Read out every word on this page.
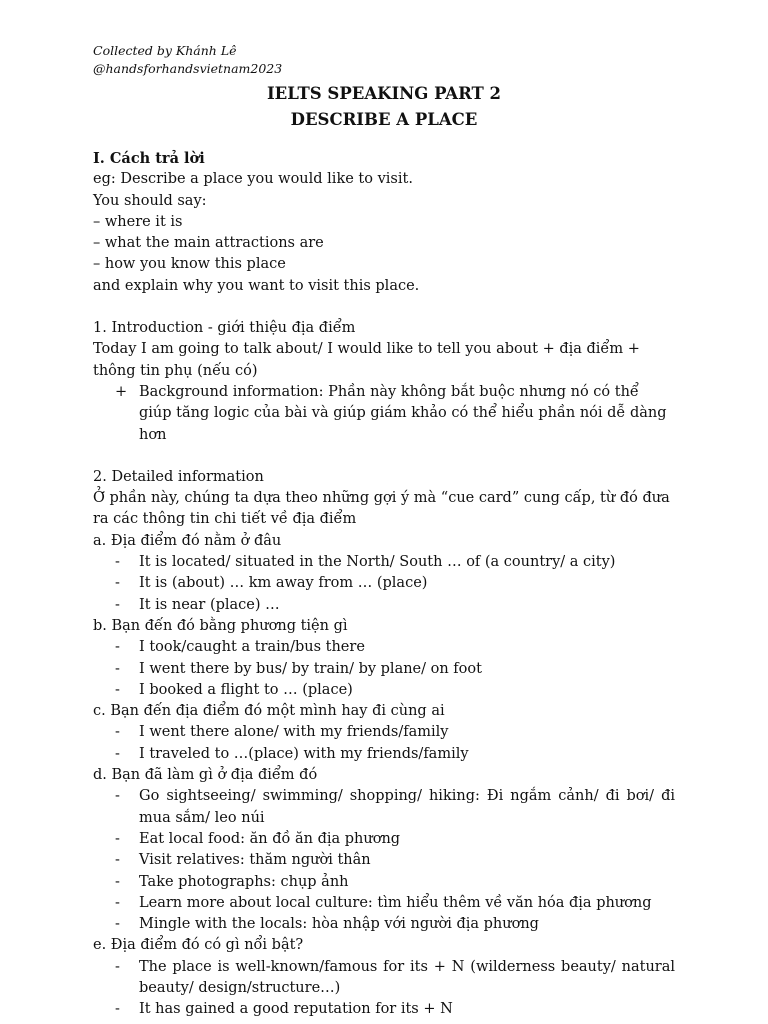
Collected by Khánh Lê
@handsforhandsvietnam2023
IELTS SPEAKING PART 2
DESCRIBE A PLACE
I. Cách trả lời
eg: Describe a place you would like to visit.
You should say:
– where it is
– what the main attractions are
– how you know this place
and explain why you want to visit this place.
1. Introduction - giới thiệu địa điểm
Today I am going to talk about/ I would like to tell you about + địa điểm + thông tin phụ (nếu có)
+ Background information: Phần này không bắt buộc nhưng nó có thể giúp tăng logic của bài và giúp giám khảo có thể hiểu phần nói dễ dàng hơn
2. Detailed information
Ở phần này, chúng ta dựa theo những gợi ý mà “cue card” cung cấp, từ đó đưa ra các thông tin chi tiết về địa điểm
a. Địa điểm đó nằm ở đâu
- It is located/ situated in the North/ South … of (a country/ a city)
- It is (about) … km away from … (place)
- It is near (place) …
b. Bạn đến đó bằng phương tiện gì
- I took/caught a train/bus there
- I went there by bus/ by train/ by plane/ on foot
- I booked a flight to … (place)
c. Bạn đến địa điểm đó một mình hay đi cùng ai
- I went there alone/ with my friends/family
- I traveled to …(place) with my friends/family
d. Bạn đã làm gì ở địa điểm đó
- Go sightseeing/ swimming/ shopping/ hiking: Đi ngắm cảnh/ đi bơi/ đi mua sắm/ leo núi
- Eat local food: ăn đồ ăn địa phương
- Visit relatives: thăm người thân
- Take photographs: chụp ảnh
- Learn more about local culture: tìm hiểu thêm về văn hóa địa phương
- Mingle with the locals: hòa nhập với người địa phương
e. Địa điểm đó có gì nổi bật?
- The place is well-known/famous for its + N (wilderness beauty/ natural beauty/ design/structure…)
- It has gained a good reputation for its + N
